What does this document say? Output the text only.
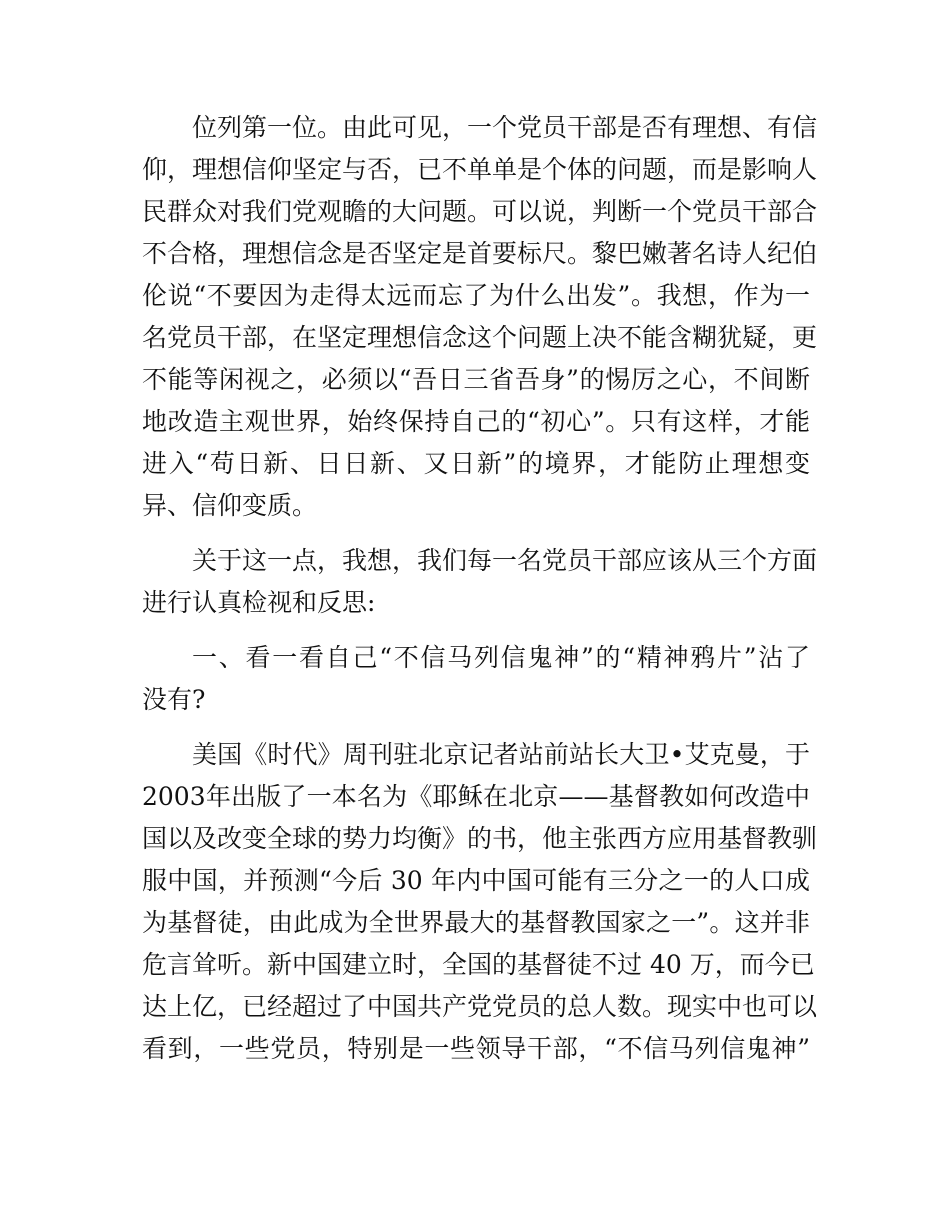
位列第一位。由此可见，一个党员干部是否有理想、有信
仰，理想信仰坚定与否，已不单单是个体的问题，而是影响人
民群众对我们党观瞻的大问题。可以说，判断一个党员干部合
不合格，理想信念是否坚定是首要标尺。黎巴嫩著名诗人纪伯
伦说“不要因为走得太远而忘了为什么出发”。我想，作为一
名党员干部，在坚定理想信念这个问题上决不能含糊犹疑，更
不能等闲视之，必须以“吾日三省吾身”的惕厉之心，不间断
地改造主观世界，始终保持自己的“初心”。只有这样，才能
进入“苟日新、日日新、又日新”的境界，才能防止理想变
异、信仰变质。
关于这一点，我想，我们每一名党员干部应该从三个方面
进行认真检视和反思:
一、看一看自己“不信马列信鬼神”的“精神鸦片”沾了
没有?
美国《时代》周刊驻北京记者站前站长大卫•艾克曼，于
2003年出版了一本名为《耶稣在北京——基督教如何改造中
国以及改变全球的势力均衡》的书，他主张西方应用基督教驯
服中国，并预测“今后 30 年内中国可能有三分之一的人口成
为基督徒，由此成为全世界最大的基督教国家之一”。这并非
危言耸听。新中国建立时，全国的基督徒不过 40 万，而今已
达上亿，已经超过了中国共产党党员的总人数。现实中也可以
看到，一些党员，特别是一些领导干部，“不信马列信鬼神”
